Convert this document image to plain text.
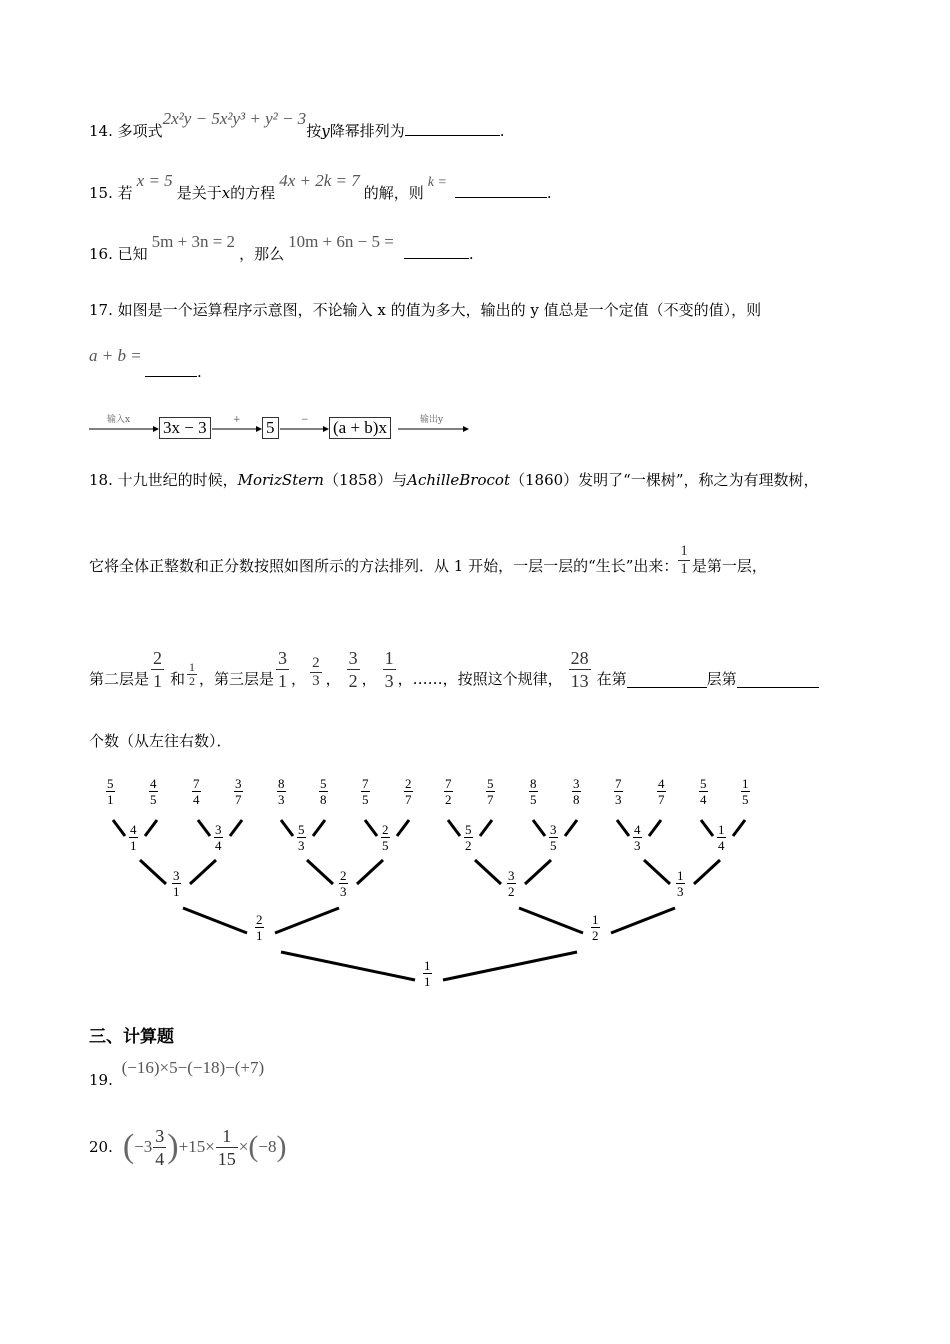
14. 多项式2x²y − 5x²y³ + y² − 3按y降幂排列为	.
15. 若x = 5是关于x的方程4x + 2k = 7的解，则k =.
16. 已知5m + 3n = 2，那么10m + 6n − 5 =.
17. 如图是一个运算程序示意图，不论输入 x 的值为多大，输出的 y 值总是一个定值（不变的值），则
a + b =
.
输入x 3x − 3	+ 5	− (a + b)x	输出y
18. 十九世纪的时候，MorizStern（1858）与AchilleBrocot（1860）发明了“一棵树”，称之为有理数树，
它将全体正整数和正分数按照如图所示的方法排列．从 1 开始，一层一层的“生长”出来： $\frac{1}{1}$ 是第一层，
第二层是 $\frac{2}{1}$ 和 $\frac{1}{2}$ ，第三层是 $\frac{3}{1}$ ， $\frac{2}{3}$ ， $\frac{3}{2}$ ， $\frac{1}{3}$ ，……，按照这个规律， $\frac{28}{13}$ 在第	层第
个数（从左往右数）．
$\frac{5}{1}$	$\frac{4}{5}$	$\frac{7}{4}$	$\frac{3}{7}$	$\frac{8}{3}$	$\frac{5}{8}$	$\frac{7}{5}$	$\frac{2}{7} \frac{7}{2}$	$\frac{5}{7}$	$\frac{8}{5}$	$\frac{3}{8}$	$\frac{7}{3}$	$\frac{4}{7}$	$\frac{5}{4}$	$\frac{1}{5}$
$\frac{4}{1}$	$\frac{3}{4}$	$\frac{5}{3}$	$\frac{2}{5}$	$\frac{5}{2}$	$\frac{3}{5}$	$\frac{4}{3}$	$\frac{1}{4}$
$\frac{3}{1}$	$\frac{2}{3}$	$\frac{3}{2}$	$\frac{1}{3}$
$\frac{2}{1}$	$\frac{1}{2}$
$\frac{1}{1}$
三、计算题
19. (−16)×5−(−18)−(+7)
20. ( $-3 \frac{3}{4}$ ) $+15\times \frac{1}{15}$ × ( −8 )
